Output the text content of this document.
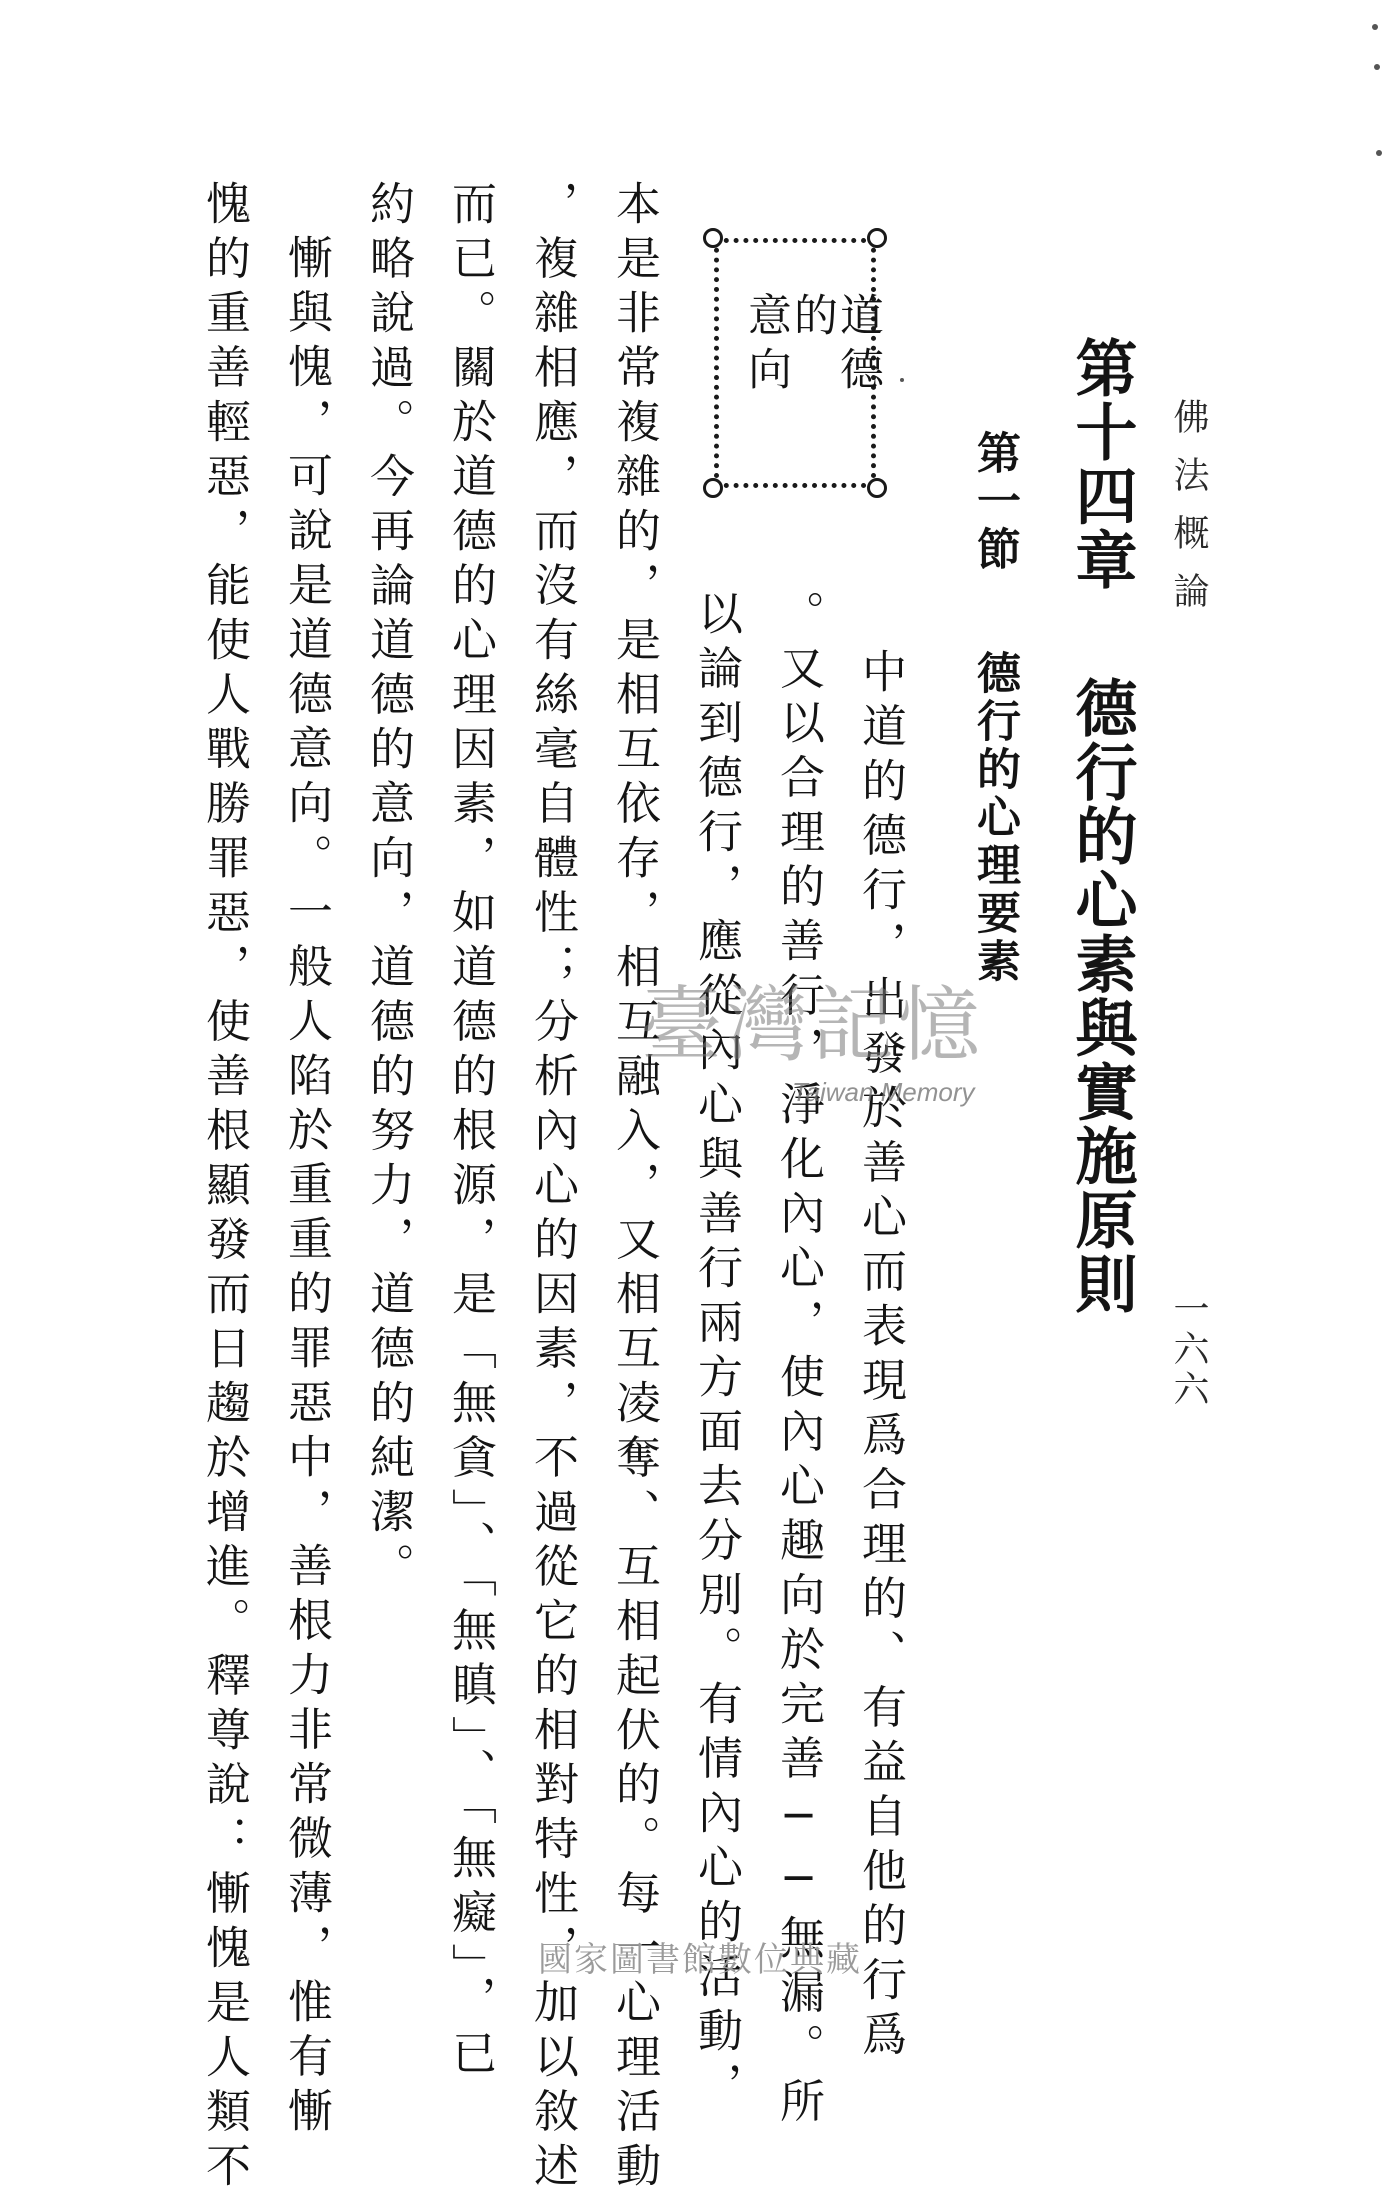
佛法概論
一六六
第十四章
德行的心素與實施原則
第一節
德行的心理要素
中道的德行，出發於善心而表現爲合理的、有益自他的行爲
。又以合理的善行，淨化內心，使內心趣向於完善──無漏。所
以論到德行，應從內心與善行兩方面去分別。有情內心的活動，
本是非常複雜的，是相互依存，相互融入，又相互凌奪、互相起伏的。每一心理活動
，複雜相應，而沒有絲毫自體性；分析內心的因素，不過從它的相對特性，加以敘述
而已。關於道德的心理因素，如道德的根源，是「無貪」、「無瞋」、「無癡」，已
約略說過。今再論道德的意向，道德的努力，道德的純潔。
慚與愧，可說是道德意向。一般人陷於重重的罪惡中，善根力非常微薄，惟有慚
愧的重善輕惡，能使人戰勝罪惡，使善根顯發而日趨於增進。釋尊說：慚愧是人類不	道德
的
意向
臺灣記憶
Taiwan Memory
國家圖書館數位典藏
